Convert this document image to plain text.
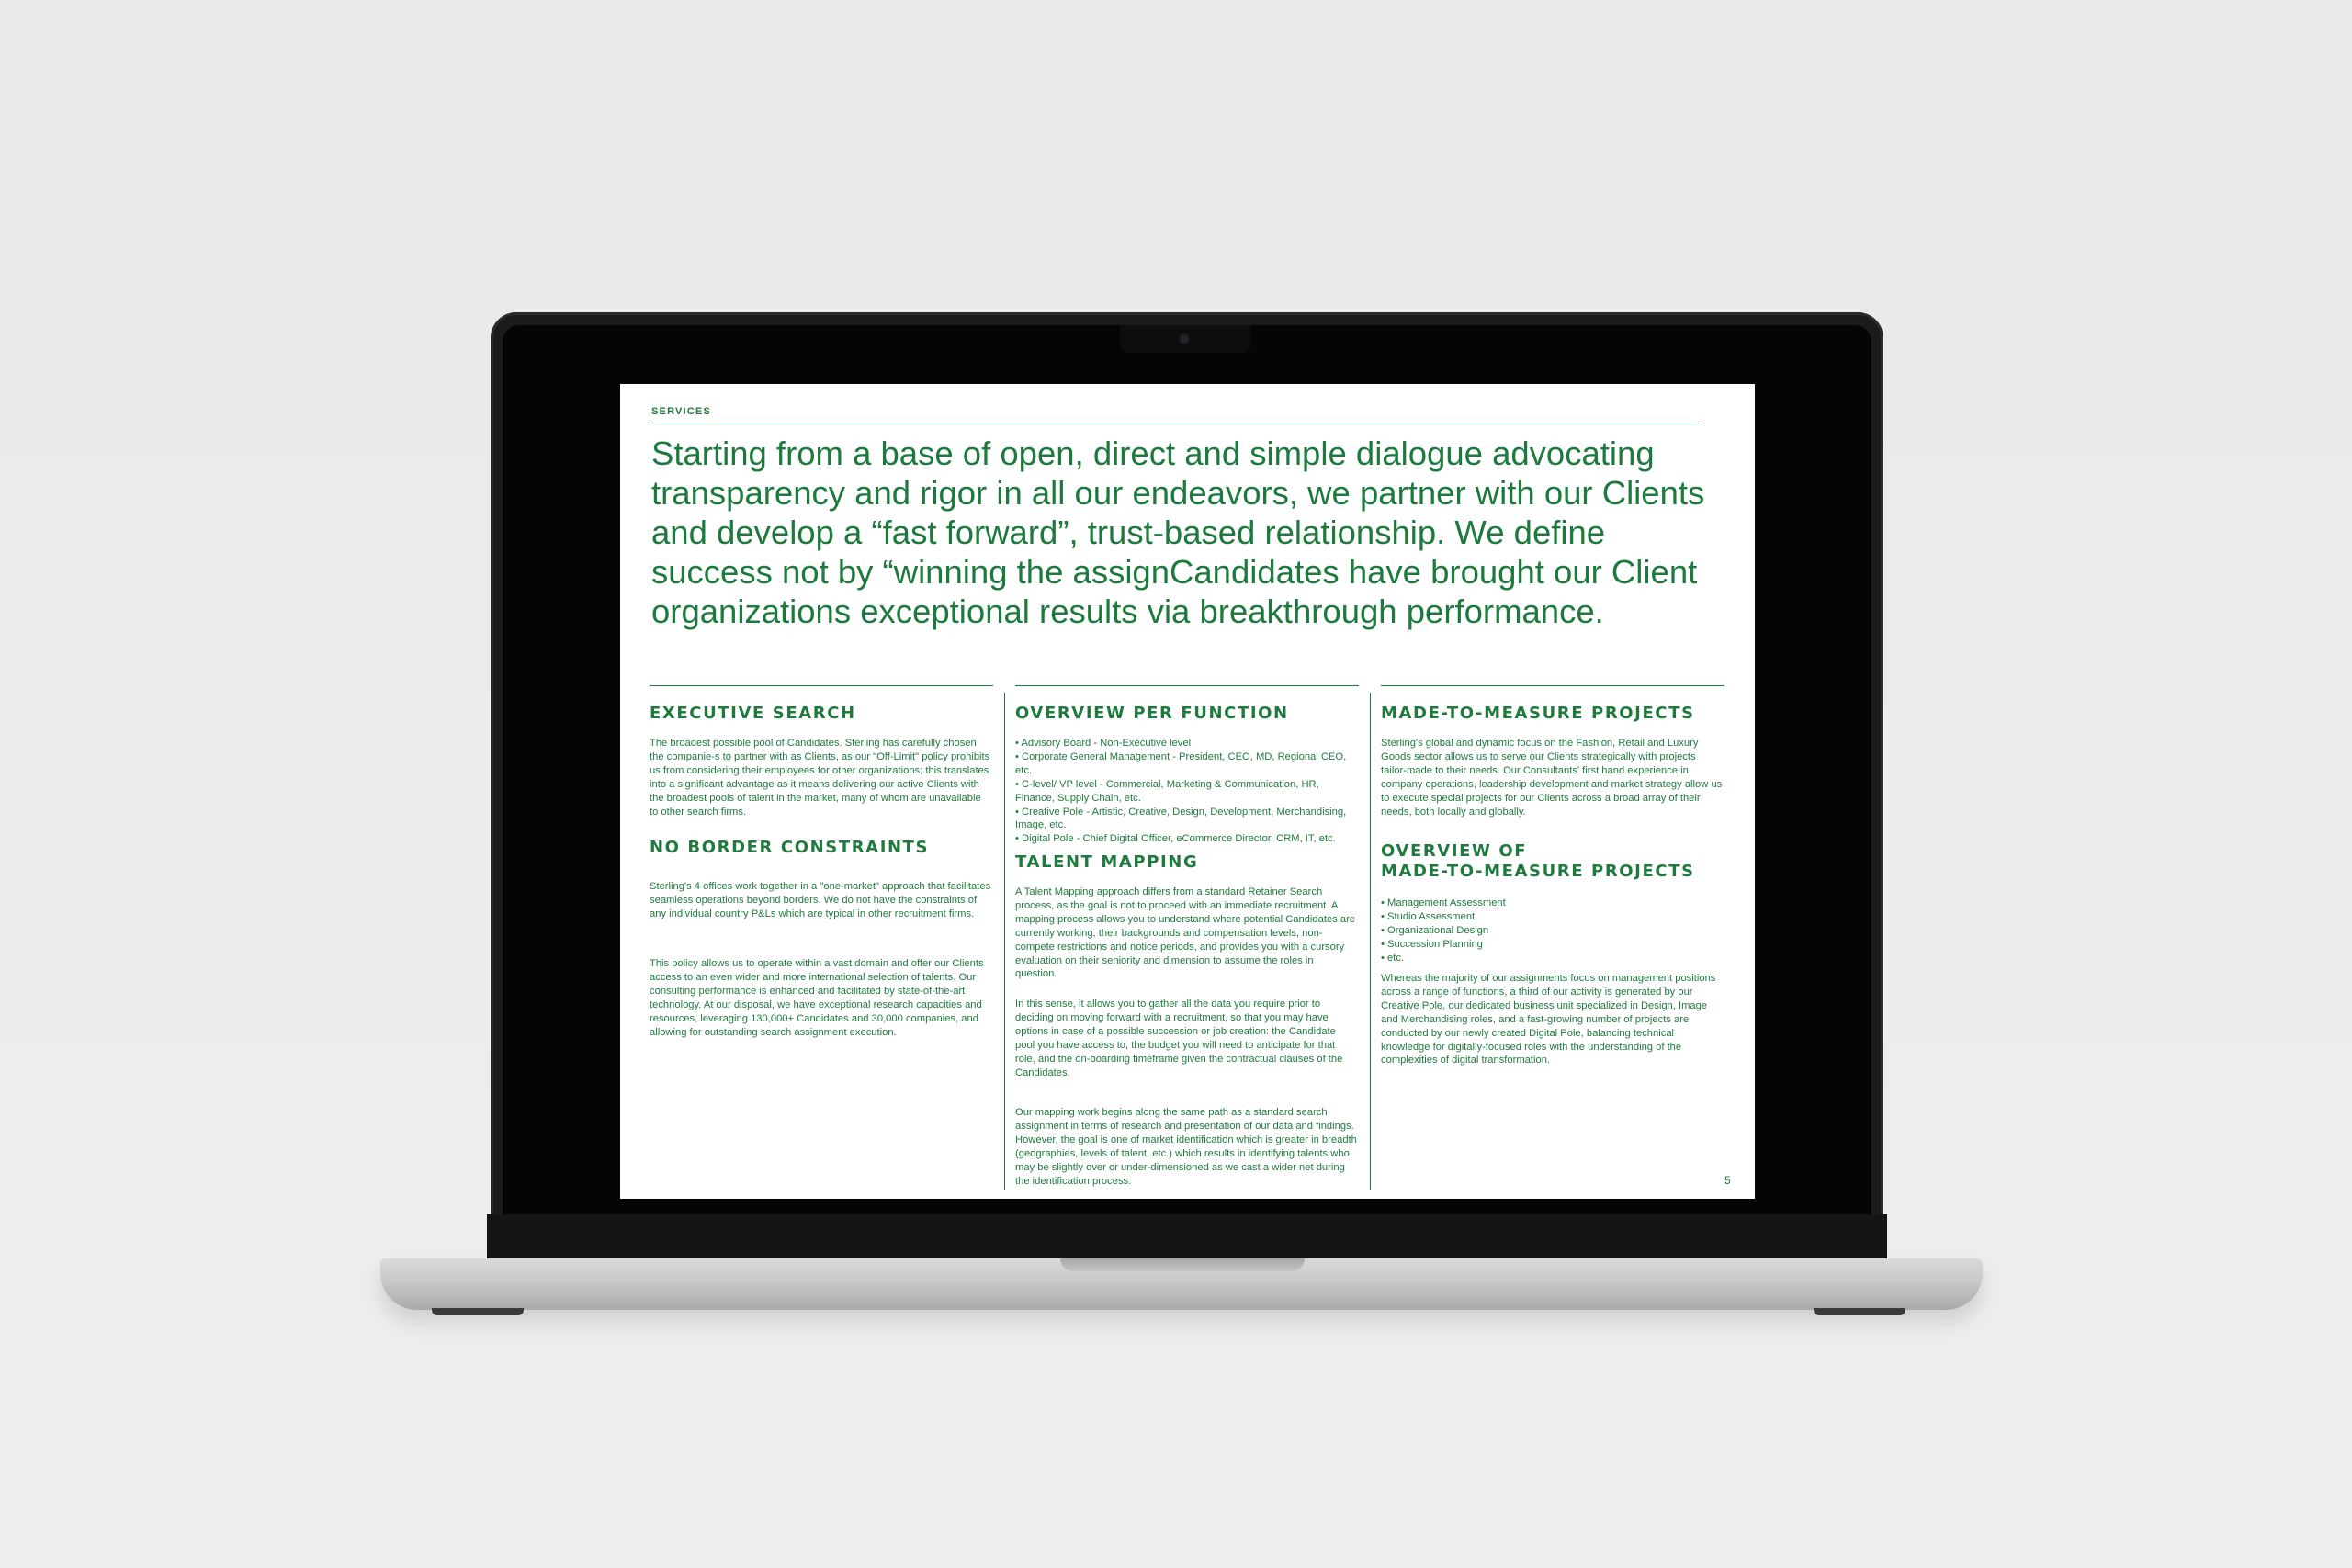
SERVICES

Starting from a base of open, direct and simple dialogue advocating transparency and rigor in all our endeavors, we partner with our Clients and develop a “fast forward”, trust-based relationship. We define success not by “winning the assignCandidates have brought our Client organizations exceptional results via breakthrough performance.

EXECUTIVE SEARCH

The broadest possible pool of Candidates. Sterling has carefully chosen the companie-s to partner with as Clients, as our "Off-Limit" policy prohibits us from considering their employees for other organizations; this translates into a significant advantage as it means delivering our active Clients with the broadest pools of talent in the market, many of whom are unavailable to other search firms.

NO BORDER CONSTRAINTS

Sterling's 4 offices work together in a "one-market" approach that facilitates seamless operations beyond borders. We do not have the constraints of any individual country P&Ls which are typical in other recruitment firms.

This policy allows us to operate within a vast domain and offer our Clients access to an even wider and more international selection of talents. Our consulting performance is enhanced and facilitated by state-of-the-art technology. At our disposal, we have exceptional research capacities and resources, leveraging 130,000+ Candidates and 30,000 companies, and allowing for outstanding search assignment execution.

OVERVIEW PER FUNCTION

• Advisory Board - Non-Executive level
• Corporate General Management - President, CEO, MD, Regional CEO, etc.
• C-level/ VP level - Commercial, Marketing & Communication, HR, Finance, Supply Chain, etc.
• Creative Pole - Artistic, Creative, Design, Development, Merchandising, Image, etc.
• Digital Pole - Chief Digital Officer, eCommerce Director, CRM, IT, etc.

TALENT MAPPING

A Talent Mapping approach differs from a standard Retainer Search process, as the goal is not to proceed with an immediate recruitment. A mapping process allows you to understand where potential Candidates are currently working, their backgrounds and compensation levels, non-compete restrictions and notice periods, and provides you with a cursory evaluation on their seniority and dimension to assume the roles in question.

In this sense, it allows you to gather all the data you require prior to deciding on moving forward with a recruitment, so that you may have options in case of a possible succession or job creation: the Candidate pool you have access to, the budget you will need to anticipate for that role, and the on-boarding timeframe given the contractual clauses of the Candidates.

Our mapping work begins along the same path as a standard search assignment in terms of research and presentation of our data and findings. However, the goal is one of market identification which is greater in breadth (geographies, levels of talent, etc.) which results in identifying talents who may be slightly over or under-dimensioned as we cast a wider net during the identification process.

MADE-TO-MEASURE PROJECTS

Sterling's global and dynamic focus on the Fashion, Retail and Luxury Goods sector allows us to serve our Clients strategically with projects tailor-made to their needs. Our Consultants' first hand experience in company operations, leadership development and market strategy allow us to execute special projects for our Clients across a broad array of their needs, both locally and globally.

OVERVIEW OF
MADE-TO-MEASURE PROJECTS

• Management Assessment
• Studio Assessment
• Organizational Design
• Succession Planning
• etc.

Whereas the majority of our assignments focus on management positions across a range of functions, a third of our activity is generated by our Creative Pole, our dedicated business unit specialized in Design, Image and Merchandising roles, and a fast-growing number of projects are conducted by our newly created Digital Pole, balancing technical knowledge for digitally-focused roles with the understanding of the complexities of digital transformation.

5
